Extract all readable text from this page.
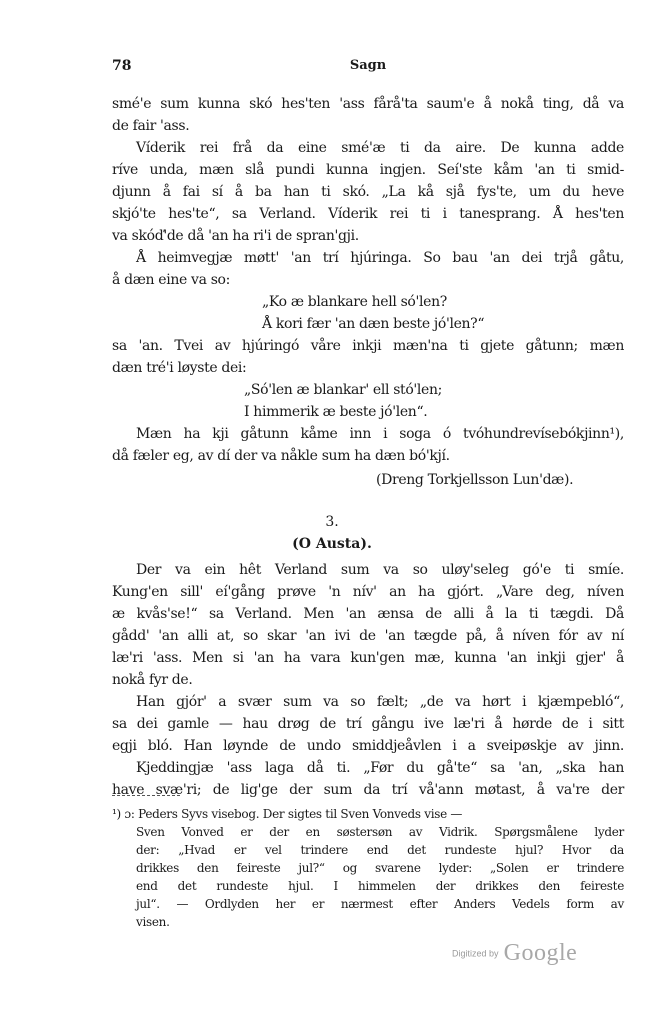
78	Sagn
smé'e sum kunna skó hes'ten 'ass fårå'ta saum'e å nokå ting, då va
de fair 'ass.
Víderik rei frå da eine smé'æ ti da aire. De kunna adde
ríve unda, mæn slå pundi kunna ingjen. Seí'ste kåm 'an ti smid-
djunn å fai sí å ba han ti skó. „La kå sjå fys'te, um du heve
skjó'te hes'te“, sa Verland. Víderik rei ti i tanesprang. Å hes'ten
va skóď'de då 'an ha ri'i de spran'gji.
Å heimvegjæ møtt' 'an trí hjúringa. So bau 'an dei trjå gåtu,
å dæn eine va so:
„Ko æ blankare hell só'len?
Å kori fær 'an dæn beste jó'len?“
sa 'an. Tvei av hjúringó våre inkji mæn'na ti gjete gåtunn; mæn
dæn tré'i løyste dei:
„Só'len æ blankar' ell stó'len;
I himmerik æ beste jó'len“.
Mæn ha kji gåtunn kåme inn i soga ó tvóhundrevísebókjinn¹),
då fæler eg, av dí der va nåkle sum ha dæn bó'kjí.
(Dreng Torkjellsson Lun'dæ).
3.
(O Austa).
Der va ein hêt Verland sum va so uløy'seleg gó'e ti smíe.
Kung'en sill' eí'gång prøve 'n nív' an ha gjórt. „Vare deg, níven
æ kvås'se!“ sa Verland. Men 'an ænsa de alli å la ti tægdi. Då
gådd' 'an alli at, so skar 'an ivi de 'an tægde på, å níven fór av ní
læ'ri 'ass. Men si 'an ha vara kun'gen mæ, kunna 'an inkji gjer' å
nokå fyr de.
Han gjór' a svær sum va so fælt; „de va hørt i kjæmpebló“,
sa dei gamle — hau drøg de trí gångu ive læ'ri å hørde de i sitt
egji bló. Han løynde de undo smiddjeåvlen i a sveipøskje av jinn.
Kjeddingjæ 'ass laga då ti. „Før du gå'te“ sa 'an, „ska han
have svæ'ri; de lig'ge der sum da trí vå'ann møtast, å va're der
¹) ɔ: Peders Syvs visebog. Der sigtes til Sven Vonveds vise —
Sven Vonved er der en søstersøn av Vidrik. Spørgsmålene lyder
der: „Hvad er vel trindere end det rundeste hjul? Hvor da
drikkes den feireste jul?“ og svarene lyder: „Solen er trindere
end det rundeste hjul. I himmelen der drikkes den feireste
jul“. — Ordlyden her er nærmest efter Anders Vedels form av
visen.
Digitized by Google
